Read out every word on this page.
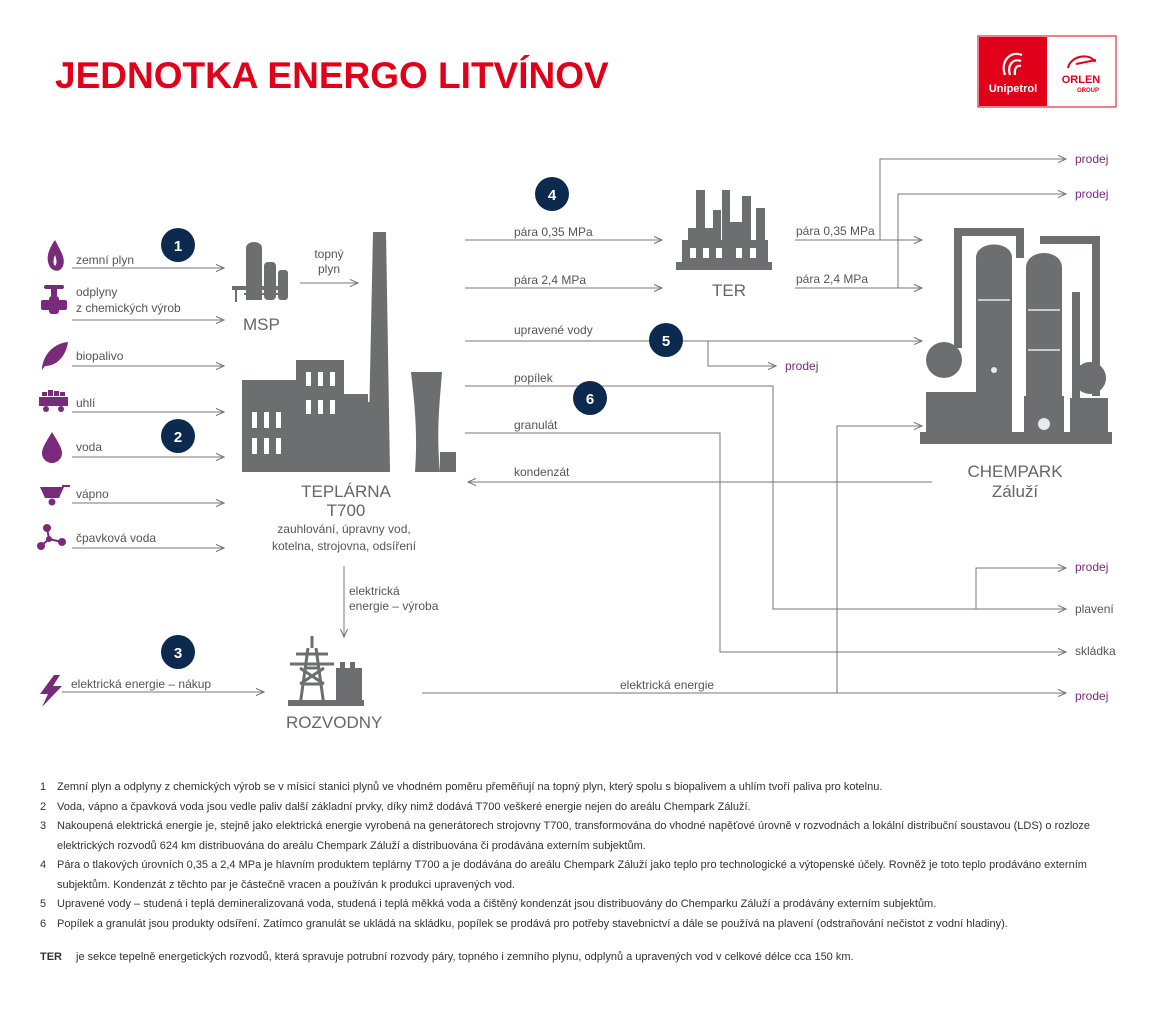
JEDNOTKA ENERGO LITVÍNOV	Unipetrol
ORLEN
GROUP
zemní plyn
odplyny
z chemických výrob
biopalivo
uhlí
voda
vápno
čpavková voda
elektrická energie – nákup
MSP
topný
plyn
TEPLÁRNA
T700
zauhlování, úpravny vod,
kotelna, strojovna, odsíření
elektrická
energie – výroba
ROZVODNY
TER
CHEMPARK
Záluží
pára 0,35 MPa
pára 2,4 MPa
pára 0,35 MPa
pára 2,4 MPa
upravené vody
popílek
granulát
kondenzát
elektrická energie
prodej
prodej
prodej
prodej
plavení
skládka
prodej
1
2
3
4
5
6
1 Zemní plyn a odplyny z chemických výrob se v mísicí stanici plynů ve vhodném poměru přeměňují na topný plyn, který spolu s biopalivem a uhlím tvoří paliva pro kotelnu.
2 Voda, vápno a čpavková voda jsou vedle paliv další základní prvky, díky nimž dodává T700 veškeré energie nejen do areálu Chempark Záluží.
3 Nakoupená elektrická energie je, stejně jako elektrická energie vyrobená na generátorech strojovny T700, transformována do vhodné napěťové úrovně v rozvodnách a lokální distribuční soustavou (LDS) o rozloze elektrických rozvodů 624 km distribuována do areálu Chempark Záluží a distribuována či prodávána externím subjektům.
4 Pára o tlakových úrovních 0,35 a 2,4 MPa je hlavním produktem teplárny T700 a je dodávána do areálu Chempark Záluží jako teplo pro technologické a výtopenské účely. Rovněž je toto teplo prodáváno externím subjektům. Kondenzát z těchto par je částečně vracen a používán k produkci upravených vod.
5 Upravené vody – studená i teplá demineralizovaná voda, studená i teplá měkká voda a čištěný kondenzát jsou distribuovány do Chemparku Záluží a prodávány externím subjektům.
6 Popílek a granulát jsou produkty odsíření. Zatímco granulát se ukládá na skládku, popílek se prodává pro potřeby stavebnictví a dále se používá na plavení (odstraňování nečistot z vodní hladiny).
TER	je sekce tepelně energetických rozvodů, která spravuje potrubní rozvody páry, topného i zemního plynu, odplynů a upravených vod v celkové délce cca 150 km.
